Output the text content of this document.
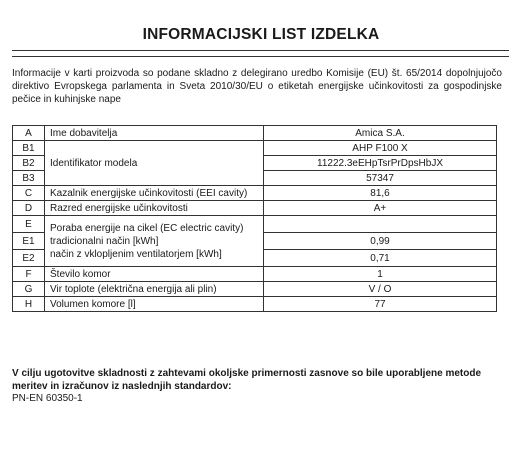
INFORMACIJSKI LIST IZDELKA
Informacije v karti proizvoda so podane skladno z delegirano uredbo Komisije (EU) št. 65/2014 dopolnjujočo direktivo Evropskega parlamenta in Sveta 2010/30/EU o etiketah energijske učinkovitosti za gospodinjske pečice in kuhinjske nape
A	Ime dobavitelja	Amica S.A.
B1	Identifikator modela	AHP F100 X
B2		11222.3eEHpTsrPrDpsHbJX
B3		57347
C	Kazalnik energijske učinkovitosti (EEI cavity)	81,6
D	Razred energijske učinkovitosti	A+
E	Poraba energije na cikel (EC electric cavity)
tradicionalni način [kWh]
način z vklopljenim ventilatorjem [kWh]	
E1		0,99
E2		0,71
F	Število komor	1
G	Vir toplote (električna energija ali plin)	V / O
H	Volumen komore [l]	77
V cilju ugotovitve skladnosti z zahtevami okoljske primernosti zasnove so bile uporabljene metode meritev in izračunov iz naslednjih standardov:
PN-EN 60350-1
